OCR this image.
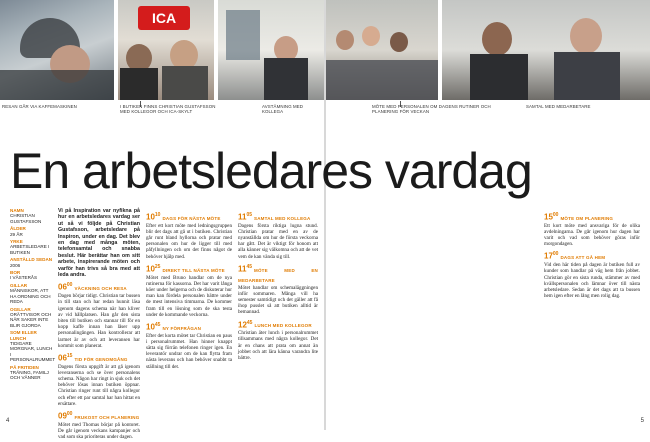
RESAN GÅR VIA KAFFEMASKINEN
ICA
I BUTIKEN FINNS CHRISTIAN GUSTAFSSON MED KOLLEGOR OCH ICA-SKYLT
AVSTÄMNING MED KOLLEGA
MÖTE MED PERSONALEN OM DAGENS RUTINER OCH PLANERING FÖR VECKAN
SAMTAL MED MEDARBETARE
En arbetsledares vardag
NAMN
CHRISTIAN GUSTAFSSON
ÅLDER
29 ÅR
YRKE
ARBETSLEDARE I BUTIKEN
ANSTÄLLD SEDAN
2006
BOR
I VÄSTERÅS
GILLAR
MÄNNISKOR, ATT HA ORDNING OCH REDA
OGILLAR
ORÄTTVISOR OCH NÄR SAKER INTE BLIR GJORDA
SOM ELLER LUNCH
TIDIGARE MORGNAR, LUNCH I PERSONALRUMMET
PÅ FRITIDEN
TRÄNING, FAMILJ OCH VÄNNER

Vi på Inspiration var nyfikna på hur en arbetsledares vardag ser ut så vi följde på Christian Gustafsson, arbetsledare på Inspiron, under en dag. Det blev en dag med många möten, telefonsamtal och snabba beslut. Här berättar han om sitt arbete, inspirerande möten och varför han trivs så bra med att leda andra.

$06^{00}VÄCKNING$ OCH RESA

Dagen börjar tidigt. Christian tar bussen in till stan och har redan hunnit läsa igenom dagens schema när han kliver av vid hållplatsen. Han går den sista biten till butiken och stannar till för en kopp kaffe innan han låser upp personalingången. Han kontrollerar att larmet är av och att leveransen har kommit som planerat.

$06^{15}TID$ FÖR GENOMGÅNG

Dagens första uppgift är att gå igenom leveranserna och se över personalens schema. Någon har ringt in sjuk och det behöver lösas innan butiken öppnar. Christian ringer runt till några kollegor och efter ett par samtal har han hittat en ersättare.

$09^{00}FRUKOST$ OCH PLANERING

Mötet med Thomas börjar på kontoret. De går igenom veckans kampanjer och vad som ska prioriteras under dagen.

$10^{10}DAGS$ FÖR NÄSTA MÖTE

Efter ett kort möte med ledningsgruppen blir det dags att gå ut i butiken. Christian går runt bland hyllorna och pratar med personalen om hur de ligger till med påfyllningen och om det finns något de behöver hjälp med.

$10^{25}DIREKT$ TILL NÄSTA MÖTE

Mötet med Bruno handlar om de nya rutinerna för kassorna. Det har varit långa köer under helgerna och de diskuterar hur man kan fördela personalen bättre under de mest intensiva timmarna. De kommer fram till en lösning som de ska testa under de kommande veckorna.

$10^{45}NY$ FÖRFRÅGAN

Efter det korta mötet tar Christian en paus i personalrummet. Han hinner knappt sätta sig förrän telefonen ringer igen. En leverantör undrar om de kan flytta fram nästa leverans och han behöver snabbt ta ställning till det.

$11^{05}SAMTAL$ MED KOLLEGA

Dagens första riktiga lugna stund. Christian pratar med en av de nyanställda om hur de första veckorna har gått. Det är viktigt för honom att alla känner sig välkomna och att de vet vem de kan vända sig till.

$11^{45}MÖTE$ MED EN MEDARBETARE

Mötet handlar om schemaläggningen inför sommaren. Många vill ha semester samtidigt och det gäller att få ihop pusslet så att butiken alltid är bemannad.

$12^{45}LUNCH$ MED KOLLEGOR

Christian äter lunch i personalrummet tillsammans med några kollegor. Det är en chans att prata om annat än jobbet och att lära känna varandra lite bättre.

$15^{00}MÖTE$ OM PLANERING

Ett kort möte med ansvariga för de olika avdelningarna. De går igenom hur dagen har varit och vad som behöver göras inför morgondagen.

$17^{00}DAGS$ ATT GÅ HEM

Vid den här tiden på dagen är butiken full av kunder som handlar på väg hem från jobbet. Christian gör en sista runda, stämmer av med kvällspersonalen och lämnar över till nästa arbetsledare. Sedan är det dags att ta bussen hem igen efter en lång men rolig dag.

4	5
